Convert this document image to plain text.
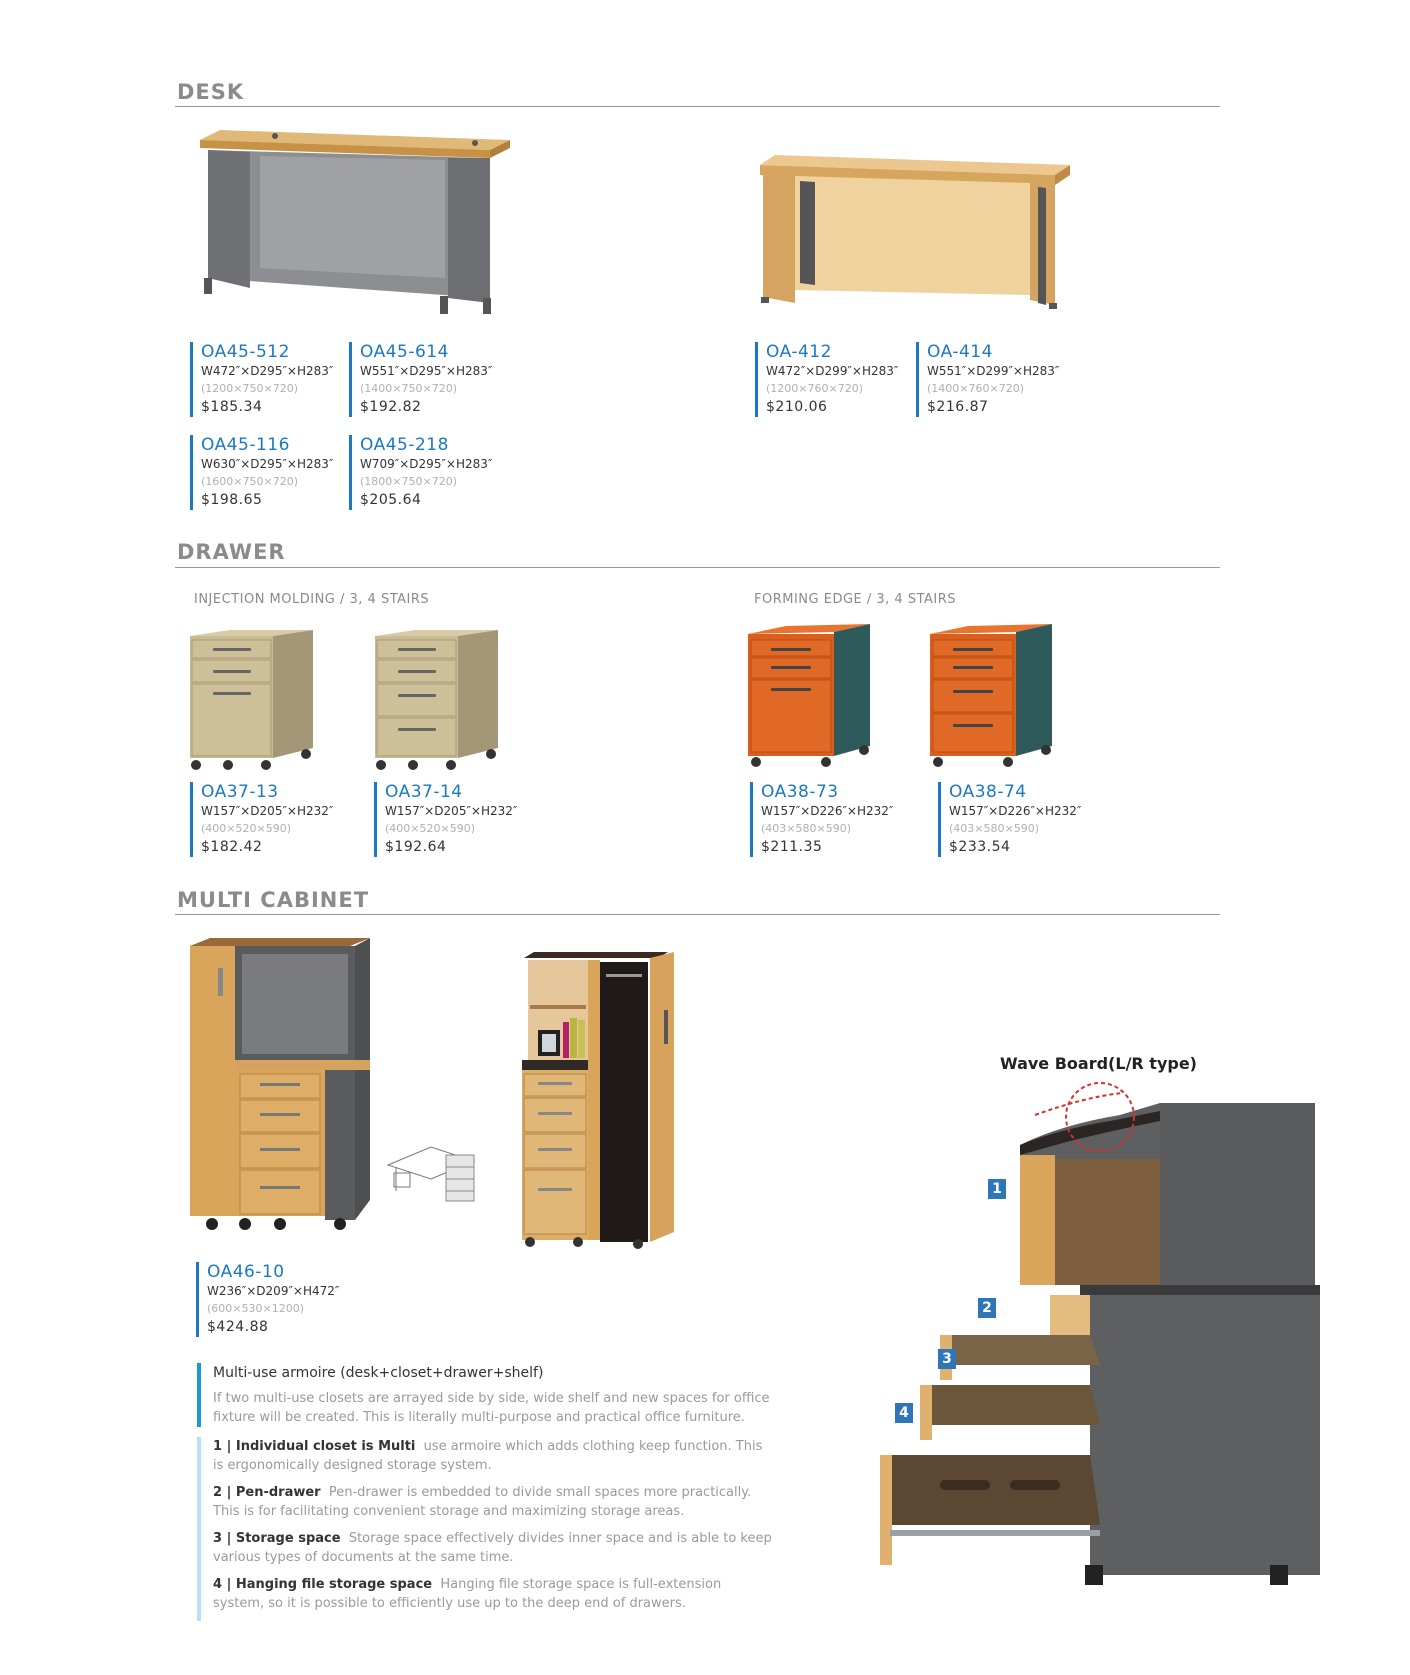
DESK
OA45-512
W472″×D295″×H283″
(1200×750×720)
$185.34
OA45-614
W551″×D295″×H283″
(1400×750×720)
$192.82
OA-412
W472″×D299″×H283″
(1200×760×720)
$210.06
OA-414
W551″×D299″×H283″
(1400×760×720)
$216.87
OA45-116
W630″×D295″×H283″
(1600×750×720)
$198.65
OA45-218
W709″×D295″×H283″
(1800×750×720)
$205.64
DRAWER
INJECTION MOLDING / 3, 4 STAIRS	FORMING EDGE / 3, 4 STAIRS
OA37-13
W157″×D205″×H232″
(400×520×590)
$182.42
OA37-14
W157″×D205″×H232″
(400×520×590)
$192.64
OA38-73
W157″×D226″×H232″
(403×580×590)
$211.35
OA38-74
W157″×D226″×H232″
(403×580×590)
$233.54
MULTI CABINET
OA46-10
W236″×D209″×H472″
(600×530×1200)
$424.88
Multi-use armoire (desk+closet+drawer+shelf)
If two multi-use closets are arrayed side by side, wide shelf and new spaces for office fixture will be created. This is literally multi-purpose and practical office furniture.

1 | Individual closet is Multi use armoire which adds clothing keep function. This is ergonomically designed storage system.

2 | Pen-drawer Pen-drawer is embedded to divide small spaces more practically. This is for facilitating convenient storage and maximizing storage areas.

3 | Storage space Storage space effectively divides inner space and is able to keep various types of documents at the same time.

4 | Hanging file storage space Hanging file storage space is full-extension system, so it is possible to efficiently use up to the deep end of drawers.

Wave Board(L/R type)
1
2
3
4
